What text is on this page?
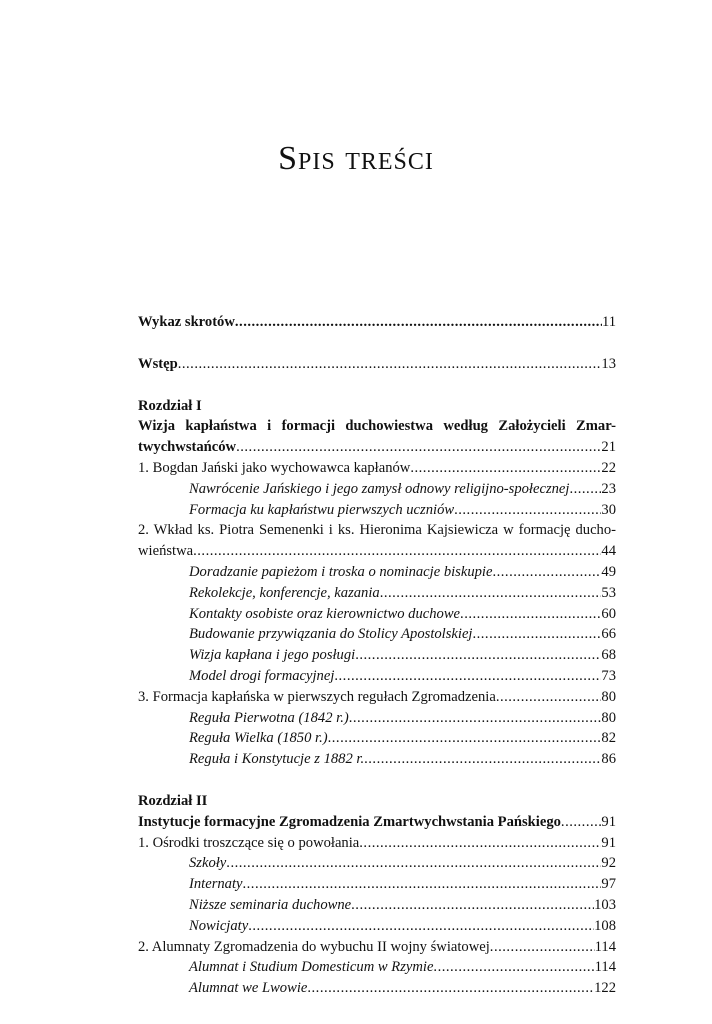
Spis treści
Wykaz skrotów .....	11
Wstęp .....	13
Rozdział I
Wizja kapłaństwa i formacji duchowiestwa według Założycieli Zmar-
twychwstańców .....	21
1. Bogdan Jański jako wychowawca kapłanów .....	22
Nawrócenie Jańskiego i jego zamysł odnowy religijno-społecznej ..... 23
Formacja ku kapłaństwu pierwszych uczniów .....	30
2. Wkład ks. Piotra Semenenki i ks. Hieronima Kajsiewicza w formację ducho-
wieństwa .....	44
Doradzanie papieżom i troska o nominacje biskupie .....	49
Rekolekcje, konferencje, kazania .....	53
Kontakty osobiste oraz kierownictwo duchowe .....	60
Budowanie przywiązania do Stolicy Apostolskiej .....	66
Wizja kapłana i jego posługi .....	68
Model drogi formacyjnej .....	73
3. Formacja kapłańska w pierwszych regułach Zgromadzenia .....	80
Reguła Pierwotna (1842 r.) .....	80
Reguła Wielka (1850 r.) .....	82
Reguła i Konstytucje z 1882 r. .....	86
Rozdział II
Instytucje formacyjne Zgromadzenia Zmartwychwstania Pańskiego .....	91
1. Ośrodki troszczące się o powołania .....	91
Szkoły .....	92
Internaty .....	97
Niższe seminaria duchowne .....	103
Nowicjaty .....	108
2. Alumnaty Zgromadzenia do wybuchu II wojny światowej .....	114
Alumnat i Studium Domesticum w Rzymie .....	114
Alumnat we Lwowie .....	122
